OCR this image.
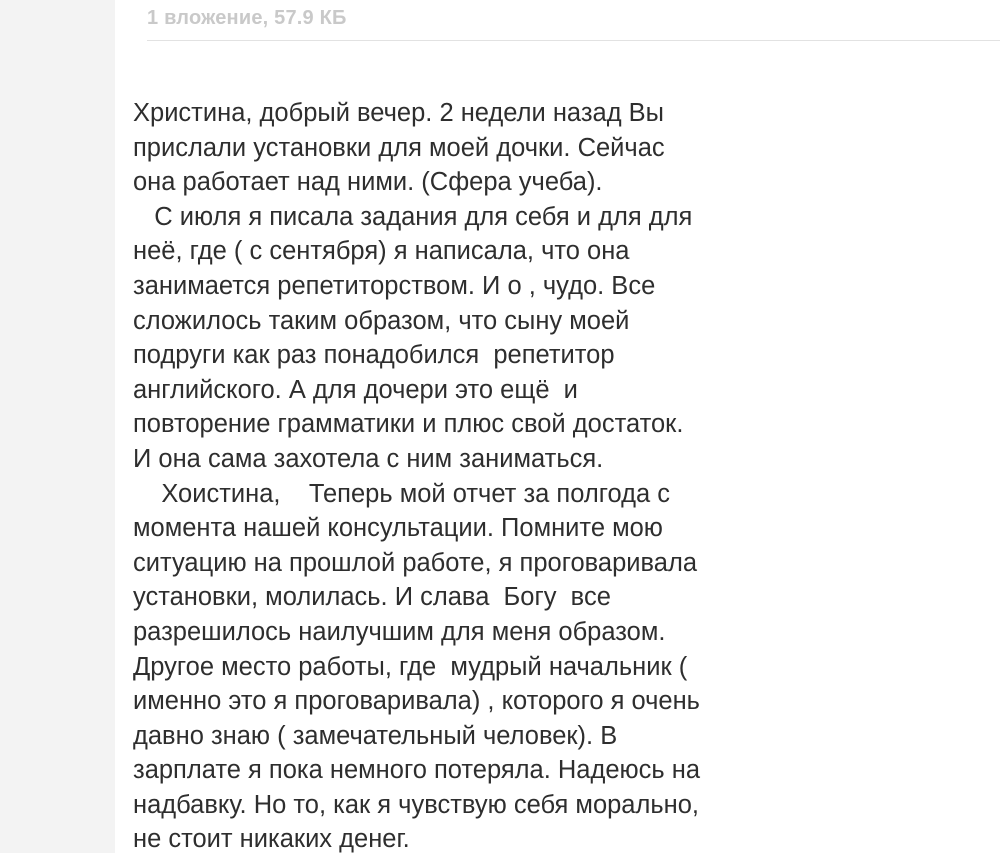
1 вложение, 57.9 КБ
Христина, добрый вечер. 2 недели назад Вы
прислали установки для моей дочки. Сейчас
она работает над ними. (Сфера учеба).
С июля я писала задания для себя и для для
неё, где ( с сентября) я написала, что она
занимается репетиторством. И о , чудо. Все
сложилось таким образом, что сыну моей
подруги как раз понадобился  репетитор
английского. А для дочери это ещё  и
повторение грамматики и плюс свой достаток.
И она сама захотела с ним заниматься.
Хоистина,    Теперь мой отчет за полгода с
момента нашей консультации. Помните мою
ситуацию на прошлой работе, я проговаривала
установки, молилась. И слава  Богу  все
разрешилось наилучшим для меня образом.
Другое место работы, где  мудрый начальник (
именно это я проговаривала) , которого я очень
давно знаю ( замечательный человек). В
зарплате я пока немного потеряла. Надеюсь на
надбавку. Но то, как я чувствую себя морально,
не стоит никаких денег.
